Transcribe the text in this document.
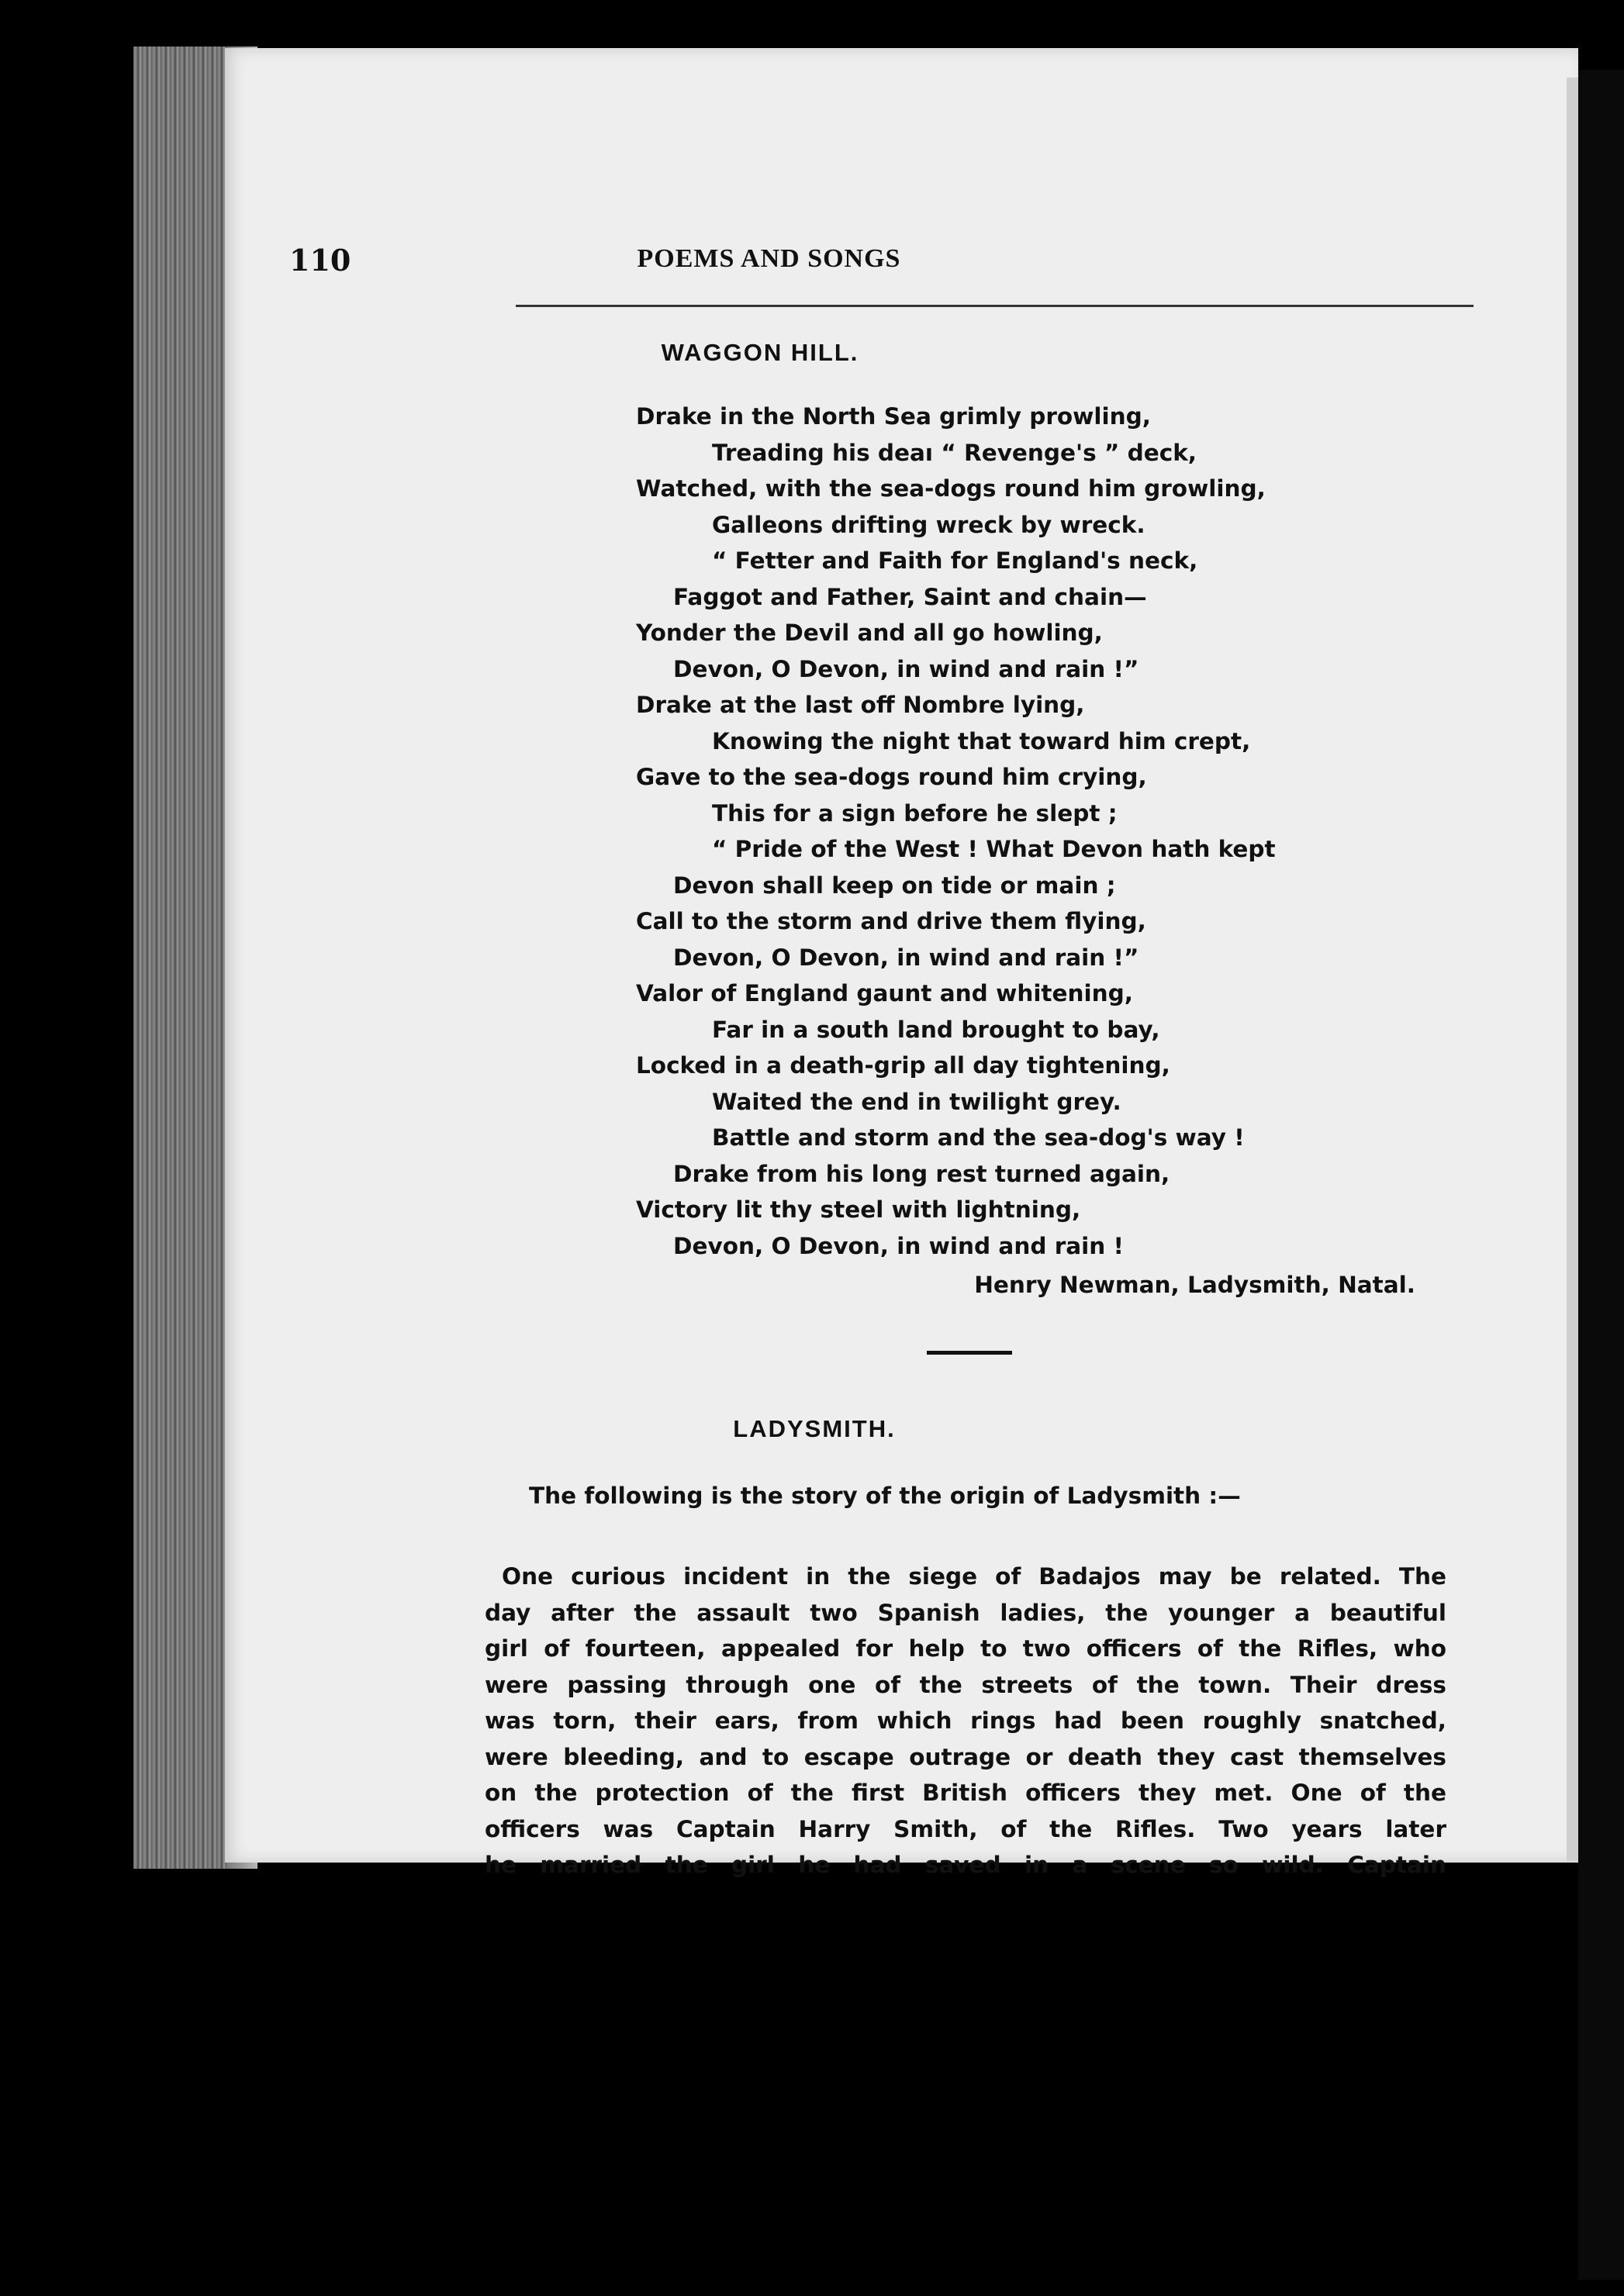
110	POEMS AND SONGS
WAGGON HILL.
Drake in the North Sea grimly prowling,
Treading his deaı “ Revenge's ” deck,
Watched, with the sea-dogs round him growling,
Galleons drifting wreck by wreck.
“ Fetter and Faith for England's neck,
Faggot and Father, Saint and chain—
Yonder the Devil and all go howling,
Devon, O Devon, in wind and rain !”
Drake at the last off Nombre lying,
Knowing the night that toward him crept,
Gave to the sea-dogs round him crying,
This for a sign before he slept ;
“ Pride of the West ! What Devon hath kept
Devon shall keep on tide or main ;
Call to the storm and drive them flying,
Devon, O Devon, in wind and rain !”
Valor of England gaunt and whitening,
Far in a south land brought to bay,
Locked in a death-grip all day tightening,
Waited the end in twilight grey.
Battle and storm and the sea-dog's way !
Drake from his long rest turned again,
Victory lit thy steel with lightning,
Devon, O Devon, in wind and rain !
Henry Newman, Ladysmith, Natal.
LADYSMITH.
The following is the story of the origin of Ladysmith :—
One curious incident in the siege of Badajos may be related. The
day after the assault two Spanish ladies, the younger a beautiful
girl of fourteen, appealed for help to two officers of the Rifles, who
were passing through one of the streets of the town. Their dress
was torn, their ears, from which rings had been roughly snatched,
were bleeding, and to escape outrage or death they cast themselves
on the protection of the first British officers they met. One of the
officers was Captain Harry Smith, of the Rifles. Two years later
he married the girl he had saved in a scene so wild. Captain
